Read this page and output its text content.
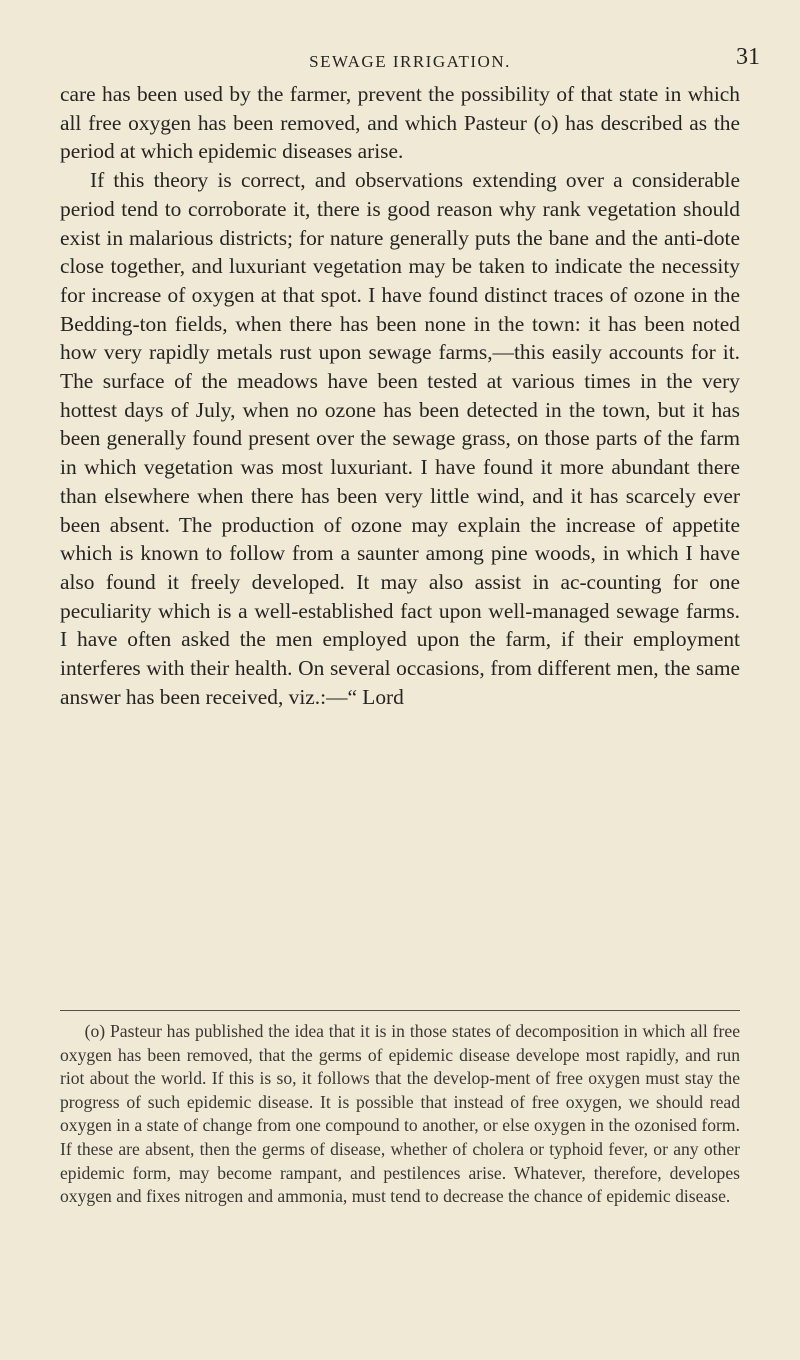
SEWAGE IRRIGATION.	31

care has been used by the farmer, prevent the possibility of that state in which all free oxygen has been removed, and which Pasteur (o) has described as the period at which epidemic diseases arise.

If this theory is correct, and observations extending over a considerable period tend to corroborate it, there is good reason why rank vegetation should exist in malarious districts; for nature generally puts the bane and the anti-dote close together, and luxuriant vegetation may be taken to indicate the necessity for increase of oxygen at that spot. I have found distinct traces of ozone in the Bedding-ton fields, when there has been none in the town: it has been noted how very rapidly metals rust upon sewage farms,—this easily accounts for it. The surface of the meadows have been tested at various times in the very hottest days of July, when no ozone has been detected in the town, but it has been generally found present over the sewage grass, on those parts of the farm in which vegetation was most luxuriant. I have found it more abundant there than elsewhere when there has been very little wind, and it has scarcely ever been absent. The production of ozone may explain the increase of appetite which is known to follow from a saunter among pine woods, in which I have also found it freely developed. It may also assist in ac-counting for one peculiarity which is a well-established fact upon well-managed sewage farms. I have often asked the men employed upon the farm, if their employment interferes with their health. On several occasions, from different men, the same answer has been received, viz.:—“ Lord

(o) Pasteur has published the idea that it is in those states of decomposition in which all free oxygen has been removed, that the germs of epidemic disease develope most rapidly, and run riot about the world. If this is so, it follows that the develop-ment of free oxygen must stay the progress of such epidemic disease. It is possible that instead of free oxygen, we should read oxygen in a state of change from one compound to another, or else oxygen in the ozonised form. If these are absent, then the germs of disease, whether of cholera or typhoid fever, or any other epidemic form, may become rampant, and pestilences arise. Whatever, therefore, developes oxygen and fixes nitrogen and ammonia, must tend to decrease the chance of epidemic disease.
